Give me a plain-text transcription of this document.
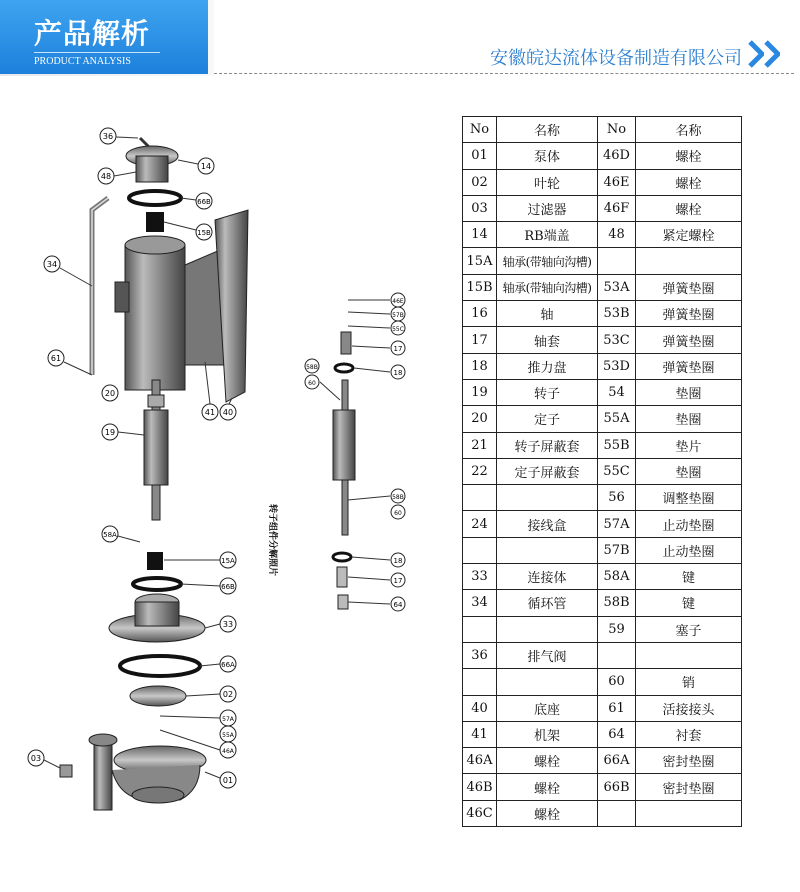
产品解析
PRODUCT ANALYSIS	安徽皖达流体设备制造有限公司
转子组件分解照片
36
14
48
66B
15B
34
61
20
19
41 40
58A
15A
66B
33
66A
02
57A
55A
46A
03
01
46E
57B
55C
17
18
58B
60
58B
60
18
17
64
No	名称	No	名称
01	泵体	46D	螺栓
02	叶轮	46E	螺栓
03	过滤器	46F	螺栓
14	RB端盖	48	紧定螺栓
15A	轴承(带轴向沟槽)		
15B	轴承(带轴向沟槽)	53A	弹簧垫圈
16	轴	53B	弹簧垫圈
17	轴套	53C	弹簧垫圈
18	推力盘	53D	弹簧垫圈
19	转子	54	垫圈
20	定子	55A	垫圈
21	转子屏蔽套	55B	垫片
22	定子屏蔽套	55C	垫圈
		56	调整垫圈
24	接线盒	57A	止动垫圈
		57B	止动垫圈
33	连接体	58A	键
34	循环管	58B	键
		59	塞子
36	排气阀		
		60	销
40	底座	61	活接接头
41	机架	64	衬套
46A	螺栓	66A	密封垫圈
46B	螺栓	66B	密封垫圈
46C	螺栓		
